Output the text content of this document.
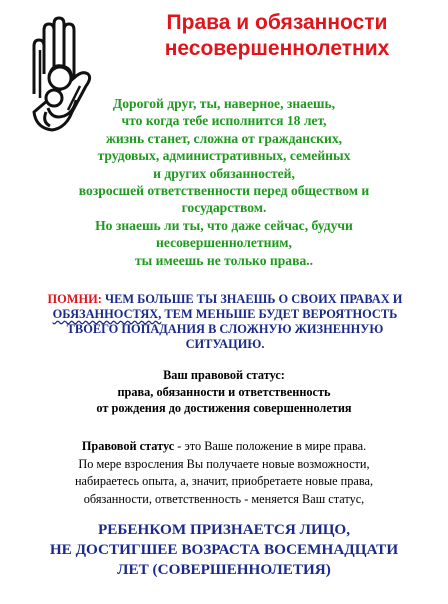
Права и обязанности
несовершеннолетних
Дорогой друг, ты, наверное, знаешь,
что когда тебе исполнится 18 лет,
жизнь станет, сложна от гражданских,
трудовых, административных, семейных
и других обязанностей,
возросшей ответственности перед обществом и
государством.
Но знаешь ли ты, что даже сейчас, будучи
несовершеннолетним,
ты имеешь не только права..
ПОМНИ: ЧЕМ БОЛЬШЕ ТЫ ЗНАЕШЬ О СВОИХ ПРАВАХ И
ОБЯЗАННОСТЯХ, ТЕМ МЕНЬШЕ БУДЕТ ВЕРОЯТНОСТЬ
ТВОЕГО ПОПАДАНИЯ В СЛОЖНУЮ ЖИЗНЕННУЮ
СИТУАЦИЮ.
Ваш правовой статус:
права, обязанности и ответственность
от рождения до достижения совершеннолетия
Правовой статус - это Ваше положение в мире права.
По мере взросления Вы получаете новые возможности,
набираетесь опыта, а, значит, приобретаете новые права,
обязанности, ответственность - меняется Ваш статус,
РЕБЕНКОМ ПРИЗНАЕТСЯ ЛИЦО,
НЕ ДОСТИГШЕЕ ВОЗРАСТА ВОСЕМНАДЦАТИ
ЛЕТ (СОВЕРШЕННОЛЕТИЯ)
